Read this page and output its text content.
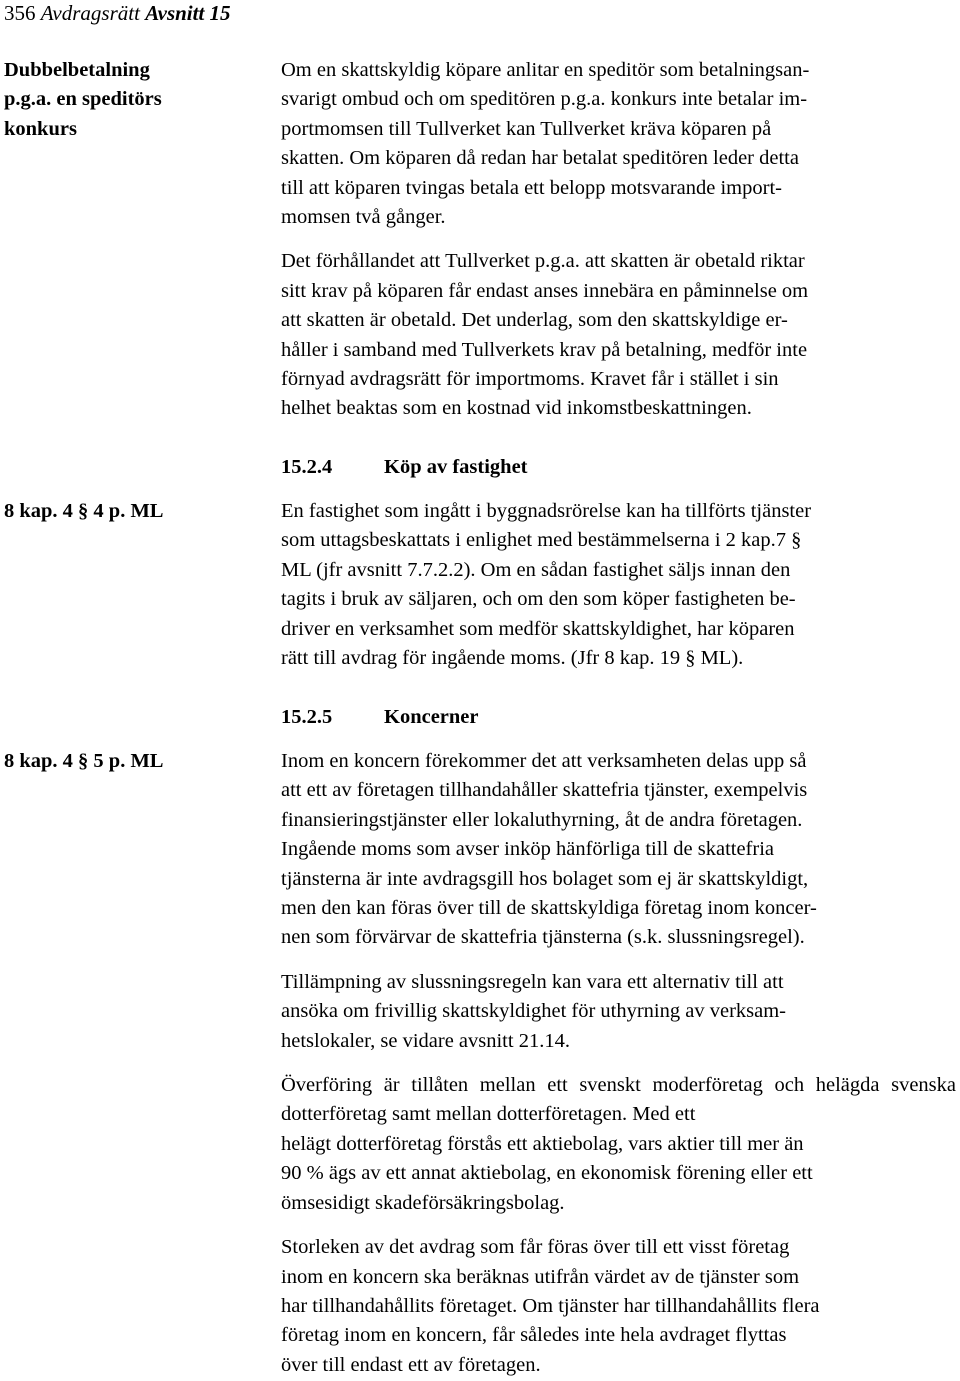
356 Avdragsrätt Avsnitt 15
Dubbelbetalning
p.g.a. en speditörs
konkurs

Om en skattskyldig köpare anlitar en speditör som betalningsan-
svarigt ombud och om speditören p.g.a. konkurs inte betalar im-
portmomsen till Tullverket kan Tullverket kräva köparen på
skatten. Om köparen då redan har betalat speditören leder detta
till att köparen tvingas betala ett belopp motsvarande import-
momsen två gånger.

Det förhållandet att Tullverket p.g.a. att skatten är obetald riktar
sitt krav på köparen får endast anses innebära en påminnelse om
att skatten är obetald. Det underlag, som den skattskyldige er-
håller i samband med Tullverkets krav på betalning, medför inte
förnyad avdragsrätt för importmoms. Kravet får i stället i sin
helhet beaktas som en kostnad vid inkomstbeskattningen.

15.2.4	Köp av fastighet
8 kap. 4 § 4 p. ML	En fastighet som ingått i byggnadsrörelse kan ha tillförts tjänster
som uttagsbeskattats i enlighet med bestämmelserna i 2 kap.7 §
ML (jfr avsnitt 7.7.2.2). Om en sådan fastighet säljs innan den
tagits i bruk av säljaren, och om den som köper fastigheten be-
driver en verksamhet som medför skattskyldighet, har köparen
rätt till avdrag för ingående moms. (Jfr 8 kap. 19 § ML).

15.2.5	Koncerner
8 kap. 4 § 5 p. ML	Inom en koncern förekommer det att verksamheten delas upp så
att ett av företagen tillhandahåller skattefria tjänster, exempelvis
finansieringstjänster eller lokaluthyrning, åt de andra företagen.
Ingående moms som avser inköp hänförliga till de skattefria
tjänsterna är inte avdragsgill hos bolaget som ej är skattskyldigt,
men den kan föras över till de skattskyldiga företag inom koncer-
nen som förvärvar de skattefria tjänsterna (s.k. slussningsregel).

Tillämpning av slussningsregeln kan vara ett alternativ till att
ansöka om frivillig skattskyldighet för uthyrning av verksam-
hetslokaler, se vidare avsnitt 21.14.

Överföring är tillåten mellan ett svenskt moderföretag och helägda svenska dotterföretag samt mellan dotterföretagen. Med ett
helägt dotterföretag förstås ett aktiebolag, vars aktier till mer än
90 % ägs av ett annat aktiebolag, en ekonomisk förening eller ett
ömsesidigt skadeförsäkringsbolag.

Storleken av det avdrag som får föras över till ett visst företag
inom en koncern ska beräknas utifrån värdet av de tjänster som
har tillhandahållits företaget. Om tjänster har tillhandahållits flera
företag inom en koncern, får således inte hela avdraget flyttas
över till endast ett av företagen.
